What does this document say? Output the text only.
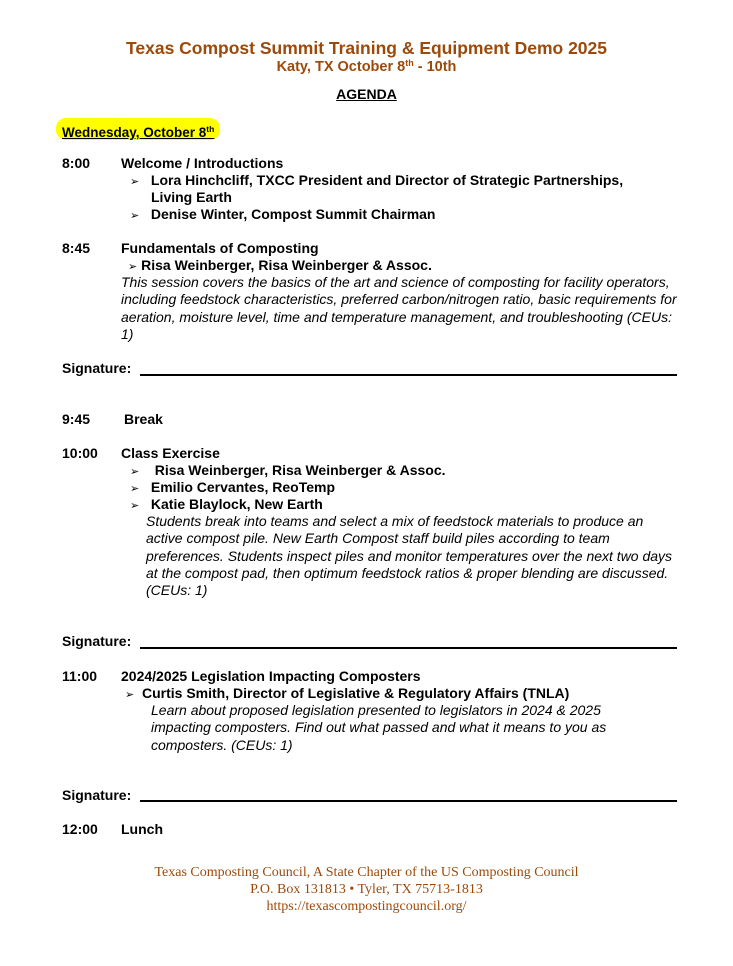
Texas Compost Summit Training & Equipment Demo 2025
Katy, TX October 8th - 10th
AGENDA
Wednesday, October 8th
8:00 Welcome / Introductions
➢ Lora Hinchcliff, TXCC President and Director of Strategic Partnerships,
Living Earth
➢ Denise Winter, Compost Summit Chairman
8:45 Fundamentals of Composting
➢ Risa Weinberger, Risa Weinberger & Assoc.
This session covers the basics of the art and science of composting for facility operators, including feedstock characteristics, preferred carbon/nitrogen ratio, basic requirements for aeration, moisture level, time and temperature management, and troubleshooting (CEUs: 1)
Signature:
9:45 Break
10:00 Class Exercise
➢ Risa Weinberger, Risa Weinberger & Assoc.
➢ Emilio Cervantes, ReoTemp
➢ Katie Blaylock, New Earth
Students break into teams and select a mix of feedstock materials to produce an active compost pile. New Earth Compost staff build piles according to team preferences. Students inspect piles and monitor temperatures over the next two days at the compost pad, then optimum feedstock ratios & proper blending are discussed. (CEUs: 1)
Signature:
11:00 2024/2025 Legislation Impacting Composters
➢ Curtis Smith, Director of Legislative & Regulatory Affairs (TNLA)
Learn about proposed legislation presented to legislators in 2024 & 2025 impacting composters. Find out what passed and what it means to you as composters. (CEUs: 1)
Signature:
12:00 Lunch
Texas Composting Council, A State Chapter of the US Composting Council
P.O. Box 131813 • Tyler, TX 75713-1813
https://texascompostingcouncil.org/
